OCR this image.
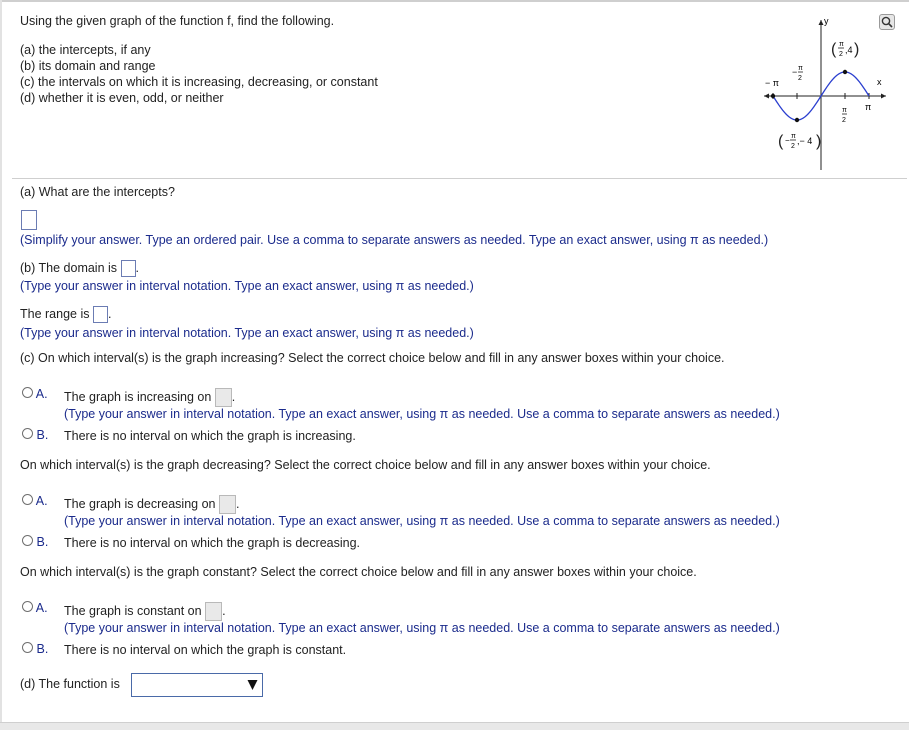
Using the given graph of the function f, find the following.
(a) the intercepts, if any
(b) its domain and range
(c) the intervals on which it is increasing, decreasing, or constant
(d) whether it is even, odd, or neither
y
x
− π
− π
2
π
2
π
( π
2 ,4 )
( − π
2
,− 4 )
(a) What are the intercepts?
(Simplify your answer. Type an ordered pair. Use a comma to separate answers as needed. Type an exact answer, using π as needed.)
(b) The domain is .
(Type your answer in interval notation. Type an exact answer, using π as needed.)
The range is .
(Type your answer in interval notation. Type an exact answer, using π as needed.)
(c) On which interval(s) is the graph increasing? Select the correct choice below and fill in any answer boxes within your choice.
A. The graph is increasing on .
(Type your answer in interval notation. Type an exact answer, using π as needed. Use a comma to separate answers as needed.)
B. There is no interval on which the graph is increasing.
On which interval(s) is the graph decreasing? Select the correct choice below and fill in any answer boxes within your choice.
A. The graph is decreasing on .
(Type your answer in interval notation. Type an exact answer, using π as needed. Use a comma to separate answers as needed.)
B. There is no interval on which the graph is decreasing.
On which interval(s) is the graph constant? Select the correct choice below and fill in any answer boxes within your choice.
A. The graph is constant on .
(Type your answer in interval notation. Type an exact answer, using π as needed. Use a comma to separate answers as needed.)
B. There is no interval on which the graph is constant.
(d) The function is
